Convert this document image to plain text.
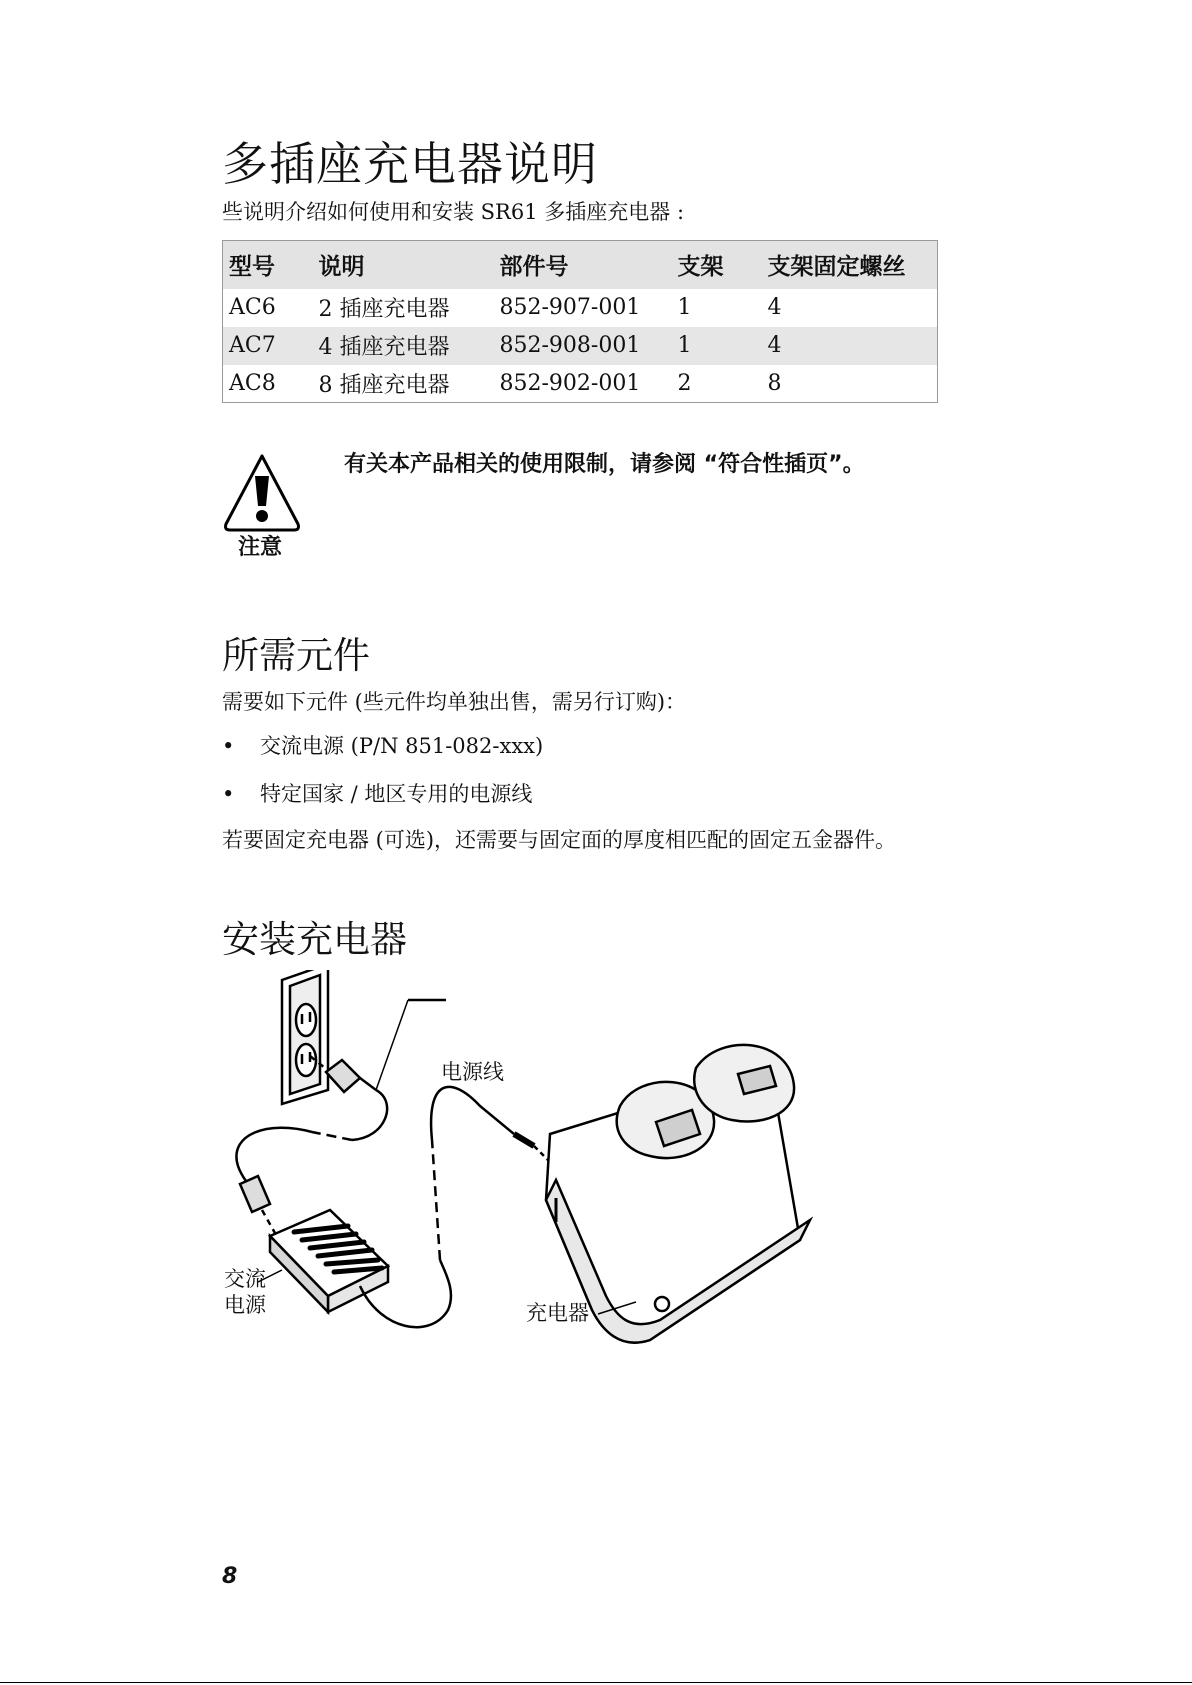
多插座充电器说明

些说明介绍如何使用和安装 SR61 多插座充电器 :

型号	说明	部件号	支架	支架固定螺丝
AC6	2 插座充电器	852-907-001	1	4
AC7	4 插座充电器	852-908-001	1	4
AC8	8 插座充电器	852-902-001	2	8
注意

有关本产品相关的使用限制，请参阅 “符合性插页”。

所需元件

需要如下元件 (些元件均单独出售，需另行订购)：

• 交流电源 (P/N 851-082-xxx)
• 特定国家 / 地区专用的电源线

若要固定充电器 (可选)，还需要与固定面的厚度相匹配的固定五金器件。

安装充电器
电源线
交流
电源	充电器
8
